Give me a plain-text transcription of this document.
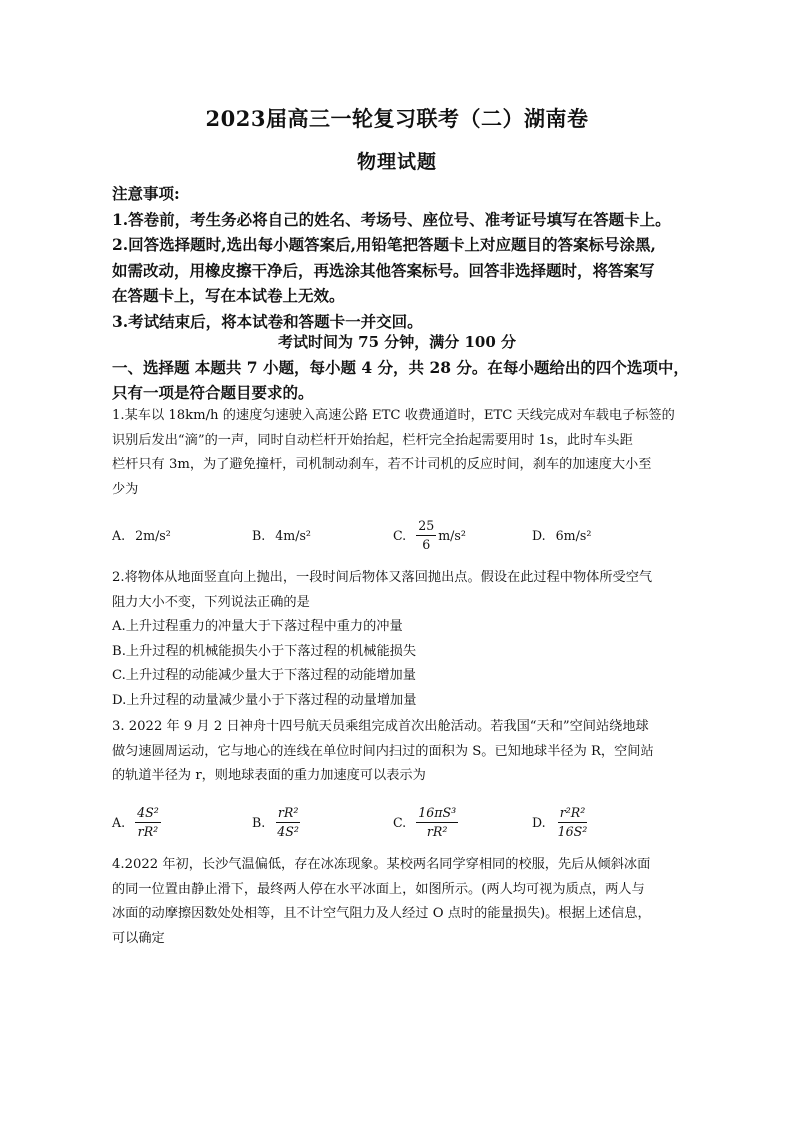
2023届高三一轮复习联考（二）湖南卷
物理试题
注意事项:
1.答卷前，考生务必将自己的姓名、考场号、座位号、准考证号填写在答题卡上。
2.回答选择题时,选出每小题答案后,用铅笔把答题卡上对应题目的答案标号涂黑,
如需改动，用橡皮擦干净后，再选涂其他答案标号。回答非选择题时，将答案写
在答题卡上，写在本试卷上无效。
3.考试结束后，将本试卷和答题卡一并交回。
考试时间为 75 分钟，满分 100 分
一、选择题 本题共 7 小题，每小题 4 分，共 28 分。在每小题给出的四个选项中，
只有一项是符合题目要求的。
1.某车以 18km/h 的速度匀速驶入高速公路 ETC 收费通道时，ETC 天线完成对车载电子标签的
识别后发出“滴”的一声，同时自动栏杆开始抬起，栏杆完全抬起需要用时 1s，此时车头距
栏杆只有 3m，为了避免撞杆，司机制动刹车，若不计司机的反应时间，刹车的加速度大小至
少为
A. 2m/s²	B. 4m/s²	C. $\frac{25}{6} m/s^2$	D. 6m/s²
2.将物体从地面竖直向上抛出，一段时间后物体又落回抛出点。假设在此过程中物体所受空气
阻力大小不变，下列说法正确的是
A.上升过程重力的冲量大于下落过程中重力的冲量
B.上升过程的机械能损失小于下落过程的机械能损失
C.上升过程的动能减少量大于下落过程的动能增加量
D.上升过程的动量减少量小于下落过程的动量增加量
3. 2022 年 9 月 2 日神舟十四号航天员乘组完成首次出舱活动。若我国“天和”空间站绕地球
做匀速圆周运动，它与地心的连线在单位时间内扫过的面积为 S。已知地球半径为 R，空间站
的轨道半径为 r，则地球表面的重力加速度可以表示为
A. $\frac{\text{4S²}}{\text{rR²}}$	B. $\frac{\text{rR²}}{\text{4S²}}$	C. $\frac{\text{16πS³}}{\text{rR²}}$	D. $\frac{\text{r²R²}}{\text{16S²}}$
4.2022 年初，长沙气温偏低，存在冰冻现象。某校两名同学穿相同的校服，先后从倾斜冰面
的同一位置由静止滑下，最终两人停在水平冰面上，如图所示。(两人均可视为质点，两人与
冰面的动摩擦因数处处相等，且不计空气阻力及人经过 O 点时的能量损失)。根据上述信息，
可以确定
